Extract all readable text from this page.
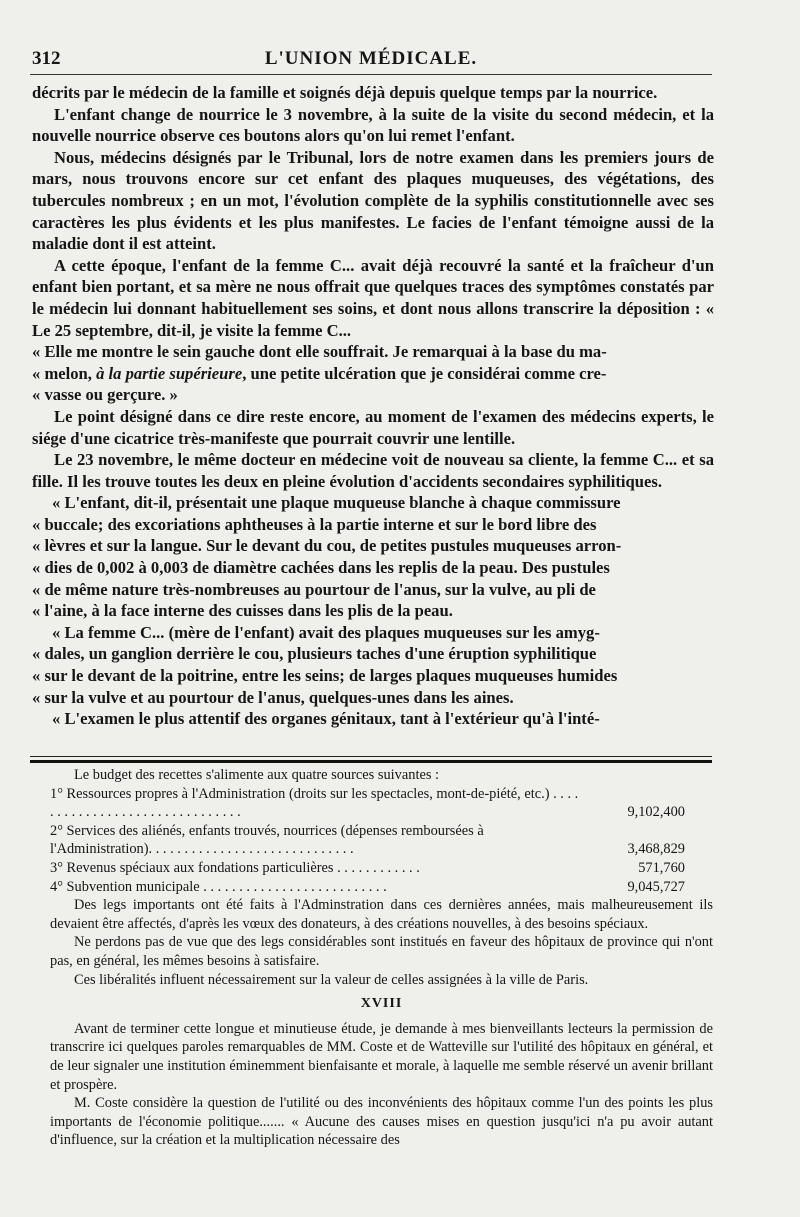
312	L'UNION MÉDICALE.

décrits par le médecin de la famille et soignés déjà depuis quelque temps par la nourrice.

L'enfant change de nourrice le 3 novembre, à la suite de la visite du second médecin, et la nouvelle nourrice observe ces boutons alors qu'on lui remet l'enfant.

Nous, médecins désignés par le Tribunal, lors de notre examen dans les premiers jours de mars, nous trouvons encore sur cet enfant des plaques muqueuses, des végétations, des tubercules nombreux ; en un mot, l'évolution complète de la syphilis constitutionnelle avec ses caractères les plus évidents et les plus manifestes. Le facies de l'enfant témoigne aussi de la maladie dont il est atteint.

A cette époque, l'enfant de la femme C... avait déjà recouvré la santé et la fraîcheur d'un enfant bien portant, et sa mère ne nous offrait que quelques traces des symptômes constatés par le médecin lui donnant habituellement ses soins, et dont nous allons transcrire la déposition : « Le 25 septembre, dit-il, je visite la femme C...

« Elle me montre le sein gauche dont elle souffrait. Je remarquai à la base du ma-
« melon, à la partie supérieure, une petite ulcération que je considérai comme cre-
« vasse ou gerçure. »

Le point désigné dans ce dire reste encore, au moment de l'examen des médecins experts, le siége d'une cicatrice très-manifeste que pourrait couvrir une lentille.

Le 23 novembre, le même docteur en médecine voit de nouveau sa cliente, la femme C... et sa fille. Il les trouve toutes les deux en pleine évolution d'accidents secondaires syphilitiques.

« L'enfant, dit-il, présentait une plaque muqueuse blanche à chaque commissure
« buccale; des excoriations aphtheuses à la partie interne et sur le bord libre des
« lèvres et sur la langue. Sur le devant du cou, de petites pustules muqueuses arron-
« dies de 0,002 à 0,003 de diamètre cachées dans les replis de la peau. Des pustules
« de même nature très-nombreuses au pourtour de l'anus, sur la vulve, au pli de
« l'aine, à la face interne des cuisses dans les plis de la peau.
« La femme C... (mère de l'enfant) avait des plaques muqueuses sur les amyg-
« dales, un ganglion derrière le cou, plusieurs taches d'une éruption syphilitique
« sur le devant de la poitrine, entre les seins; de larges plaques muqueuses humides
« sur la vulve et au pourtour de l'anus, quelques-unes dans les aines.
« L'examen le plus attentif des organes génitaux, tant à l'extérieur qu'à l'inté-

Le budget des recettes s'alimente aux quatre sources suivantes :

1° Ressources propres à l'Administration (droits sur les spectacles, mont-de-piété, etc.) . . . . . . . . . . . . . . . . . . . . . . . . . . . . . . .	9,102,400
2° Services des aliénés, enfants trouvés, nourrices (dépenses remboursées à l'Administration). . . . . . . . . . . . . . . . . . . . . . . . . . . . .	3,468,829
3° Revenus spéciaux aux fondations particulières . . . . . . . . . . . .	571,760
4° Subvention municipale . . . . . . . . . . . . . . . . . . . . . . . . . .	9,045,727

Des legs importants ont été faits à l'Adminstration dans ces dernières années, mais malheureusement ils devaient être affectés, d'après les vœux des donateurs, à des créations nouvelles, à des besoins spéciaux.

Ne perdons pas de vue que des legs considérables sont institués en faveur des hôpitaux de province qui n'ont pas, en général, les mêmes besoins à satisfaire.

Ces libéralités influent nécessairement sur la valeur de celles assignées à la ville de Paris.

XVIII

Avant de terminer cette longue et minutieuse étude, je demande à mes bienveillants lecteurs la permission de transcrire ici quelques paroles remarquables de MM. Coste et de Watteville sur l'utilité des hôpitaux en général, et de leur signaler une institution éminemment bienfaisante et morale, à laquelle me semble réservé un avenir brillant et prospère.

M. Coste considère la question de l'utilité ou des inconvénients des hôpitaux comme l'un des points les plus importants de l'économie politique....... « Aucune des causes mises en question jusqu'ici n'a pu avoir autant d'influence, sur la création et la multiplication nécessaire des
